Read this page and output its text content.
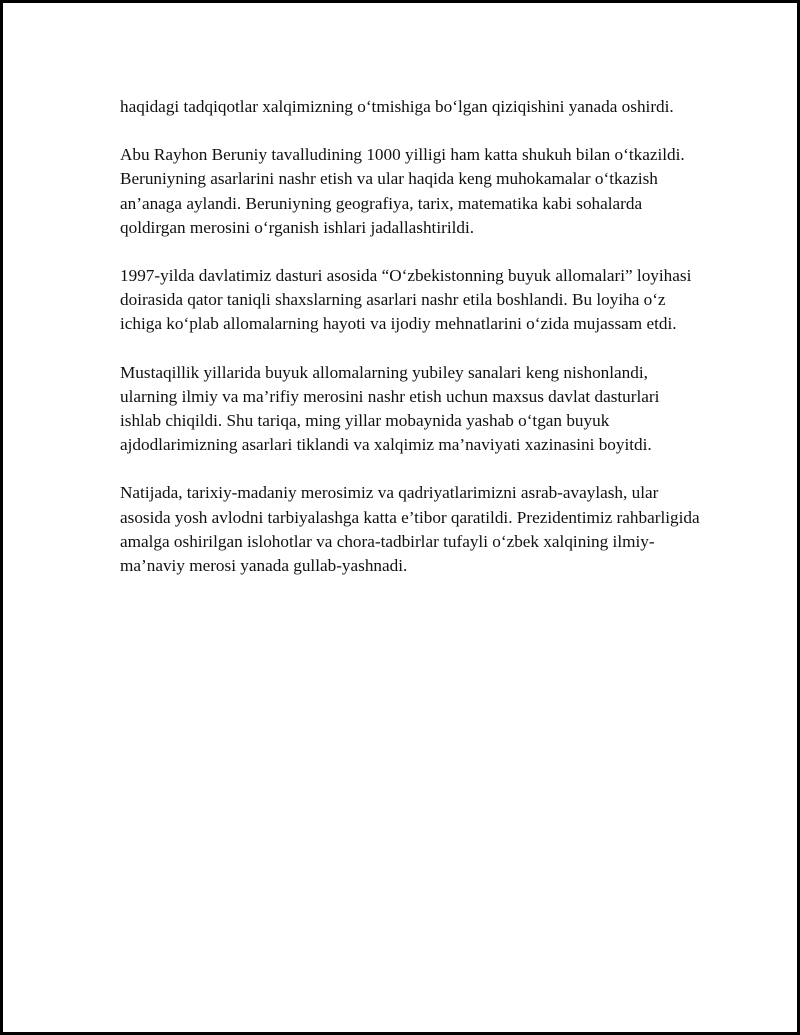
haqidagi tadqiqotlar xalqimizning oʻtmishiga boʻlgan qiziqishini yanada oshirdi.

Abu Rayhon Beruniy tavalludining 1000 yilligi ham katta shukuh bilan oʻtkazildi. Beruniyning asarlarini nashr etish va ular haqida keng muhokamalar oʻtkazish an’anaga aylandi. Beruniyning geografiya, tarix, matematika kabi sohalarda qoldirgan merosini oʻrganish ishlari jadallashtirildi.

1997-yilda davlatimiz dasturi asosida “Oʻzbekistonning buyuk allomalari” loyihasi doirasida qator taniqli shaxslarning asarlari nashr etila boshlandi. Bu loyiha oʻz ichiga koʻplab allomalarning hayoti va ijodiy mehnatlarini oʻzida mujassam etdi.

Mustaqillik yillarida buyuk allomalarning yubiley sanalari keng nishonlandi, ularning ilmiy va ma’rifiy merosini nashr etish uchun maxsus davlat dasturlari ishlab chiqildi. Shu tariqa, ming yillar mobaynida yashab oʻtgan buyuk ajdodlarimizning asarlari tiklandi va xalqimiz ma’naviyati xazinasini boyitdi.

Natijada, tarixiy-madaniy merosimiz va qadriyatlarimizni asrab-avaylash, ular asosida yosh avlodni tarbiyalashga katta e’tibor qaratildi. Prezidentimiz rahbarligida amalga oshirilgan islohotlar va chora-tadbirlar tufayli oʻzbek xalqining ilmiy-ma’naviy merosi yanada gullab-yashnadi.
